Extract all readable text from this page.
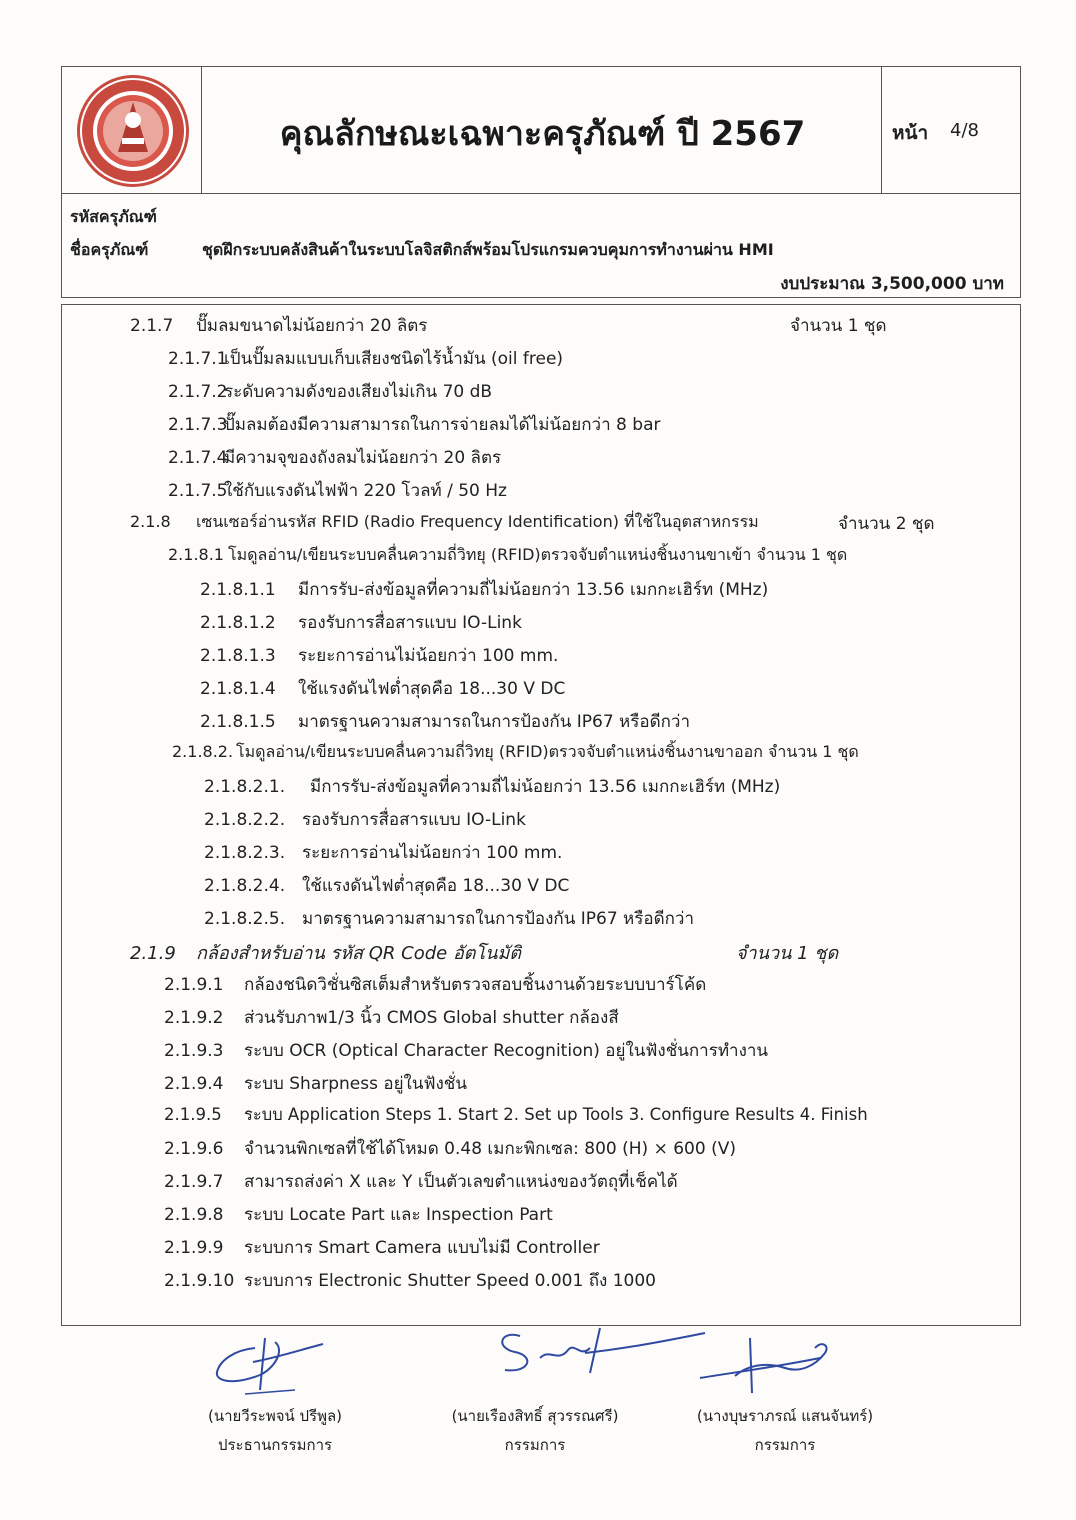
คุณลักษณะเฉพาะครุภัณฑ์ ปี 2567	หน้า 4/8
รหัสครุภัณฑ์
ชื่อครุภัณฑ์	ชุดฝึกระบบคลังสินค้าในระบบโลจิสติกส์พร้อมโปรแกรมควบคุมการทำงานผ่าน HMI
งบประมาณ 3,500,000 บาท
2.1.7 ปั๊มลมขนาดไม่น้อยกว่า 20 ลิตร	จำนวน 1 ชุด
2.1.7.1เป็นปั๊มลมแบบเก็บเสียงชนิดไร้น้ำมัน (oil free)
2.1.7.2ระดับความดังของเสียงไม่เกิน 70 dB
2.1.7.3ปั๊มลมต้องมีความสามารถในการจ่ายลมได้ไม่น้อยกว่า 8 bar
2.1.7.4มีความจุของถังลมไม่น้อยกว่า 20 ลิตร
2.1.7.5ใช้กับแรงดันไฟฟ้า 220 โวลท์ / 50 Hz
2.1.8 เซนเซอร์อ่านรหัส RFID (Radio Frequency Identification) ที่ใช้ในอุตสาหกรรม	จำนวน 2 ชุด
2.1.8.1 โมดูลอ่าน/เขียนระบบคลื่นความถี่วิทยุ (RFID)ตรวจจับตำแหน่งชิ้นงานขาเข้า จำนวน 1 ชุด
2.1.8.1.1 มีการรับ-ส่งข้อมูลที่ความถี่ไม่น้อยกว่า 13.56 เมกกะเฮิร์ท (MHz)
2.1.8.1.2 รองรับการสื่อสารแบบ IO-Link
2.1.8.1.3 ระยะการอ่านไม่น้อยกว่า 100 mm.
2.1.8.1.4 ใช้แรงดันไฟต่ำสุดคือ 18...30 V DC
2.1.8.1.5 มาตรฐานความสามารถในการป้องกัน IP67 หรือดีกว่า
2.1.8.2. โมดูลอ่าน/เขียนระบบคลื่นความถี่วิทยุ (RFID)ตรวจจับตำแหน่งชิ้นงานขาออก จำนวน 1 ชุด
2.1.8.2.1. มีการรับ-ส่งข้อมูลที่ความถี่ไม่น้อยกว่า 13.56 เมกกะเฮิร์ท (MHz)
2.1.8.2.2. รองรับการสื่อสารแบบ IO-Link
2.1.8.2.3. ระยะการอ่านไม่น้อยกว่า 100 mm.
2.1.8.2.4. ใช้แรงดันไฟต่ำสุดคือ 18...30 V DC
2.1.8.2.5. มาตรฐานความสามารถในการป้องกัน IP67 หรือดีกว่า
2.1.9 กล้องสำหรับอ่าน รหัส QR Code อัตโนมัติ	จำนวน 1 ชุด
2.1.9.1 กล้องชนิดวิชั่นซิสเต็มสำหรับตรวจสอบชิ้นงานด้วยระบบบาร์โค้ด
2.1.9.2 ส่วนรับภาพ1/3 นิ้ว CMOS Global shutter กล้องสี
2.1.9.3 ระบบ OCR (Optical Character Recognition) อยู่ในฟังชั่นการทำงาน
2.1.9.4 ระบบ Sharpness อยู่ในฟังชั่น
2.1.9.5 ระบบ Application Steps 1. Start 2. Set up Tools 3. Configure Results 4. Finish
2.1.9.6 จำนวนพิกเซลที่ใช้ได้โหมด 0.48 เมกะพิกเซล: 800 (H) × 600 (V)
2.1.9.7 สามารถส่งค่า X และ Y เป็นตัวเลขตำแหน่งของวัตถุที่เช็คได้
2.1.9.8 ระบบ Locate Part และ Inspection Part
2.1.9.9 ระบบการ Smart Camera แบบไม่มี Controller
2.1.9.10 ระบบการ Electronic Shutter Speed 0.001 ถึง 1000
(นายวีระพจน์ ปรีพูล)
ประธานกรรมการ
(นายเรืองสิทธิ์ สุวรรณศรี)
กรรมการ
(นางบุษราภรณ์ แสนจันทร์)
กรรมการ
